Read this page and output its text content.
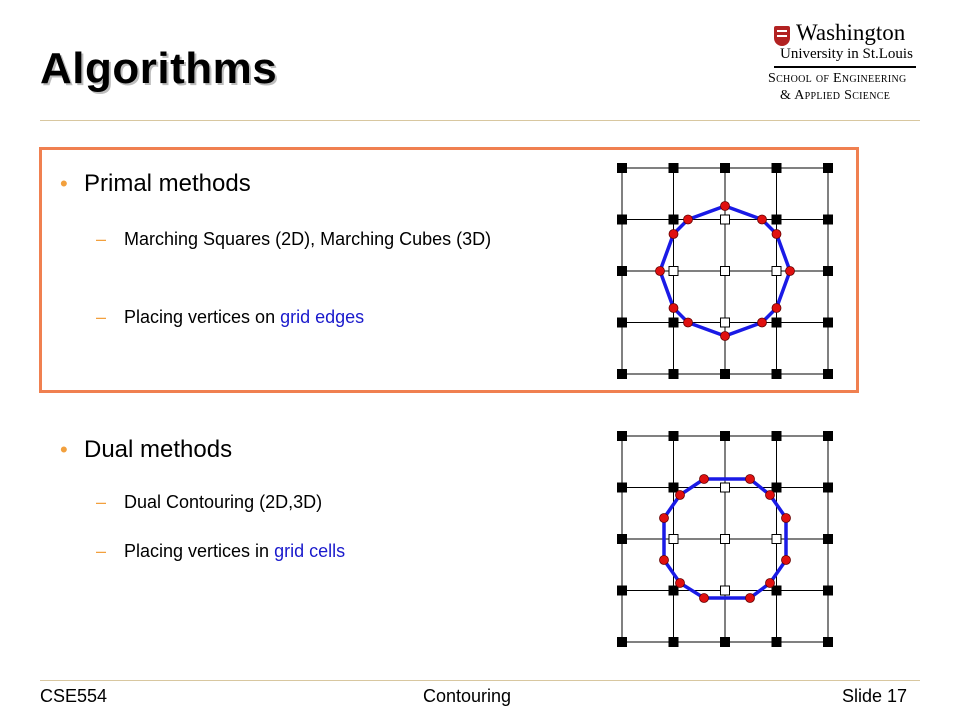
Algorithms
Washington
University in St.Louis
School of Engineering
& Applied Science
• Primal methods
– Marching Squares (2D), Marching Cubes (3D)
– Placing vertices on grid edges
• Dual methods
– Dual Contouring (2D,3D)
– Placing vertices in grid cells
CSE554	Contouring	Slide 17
